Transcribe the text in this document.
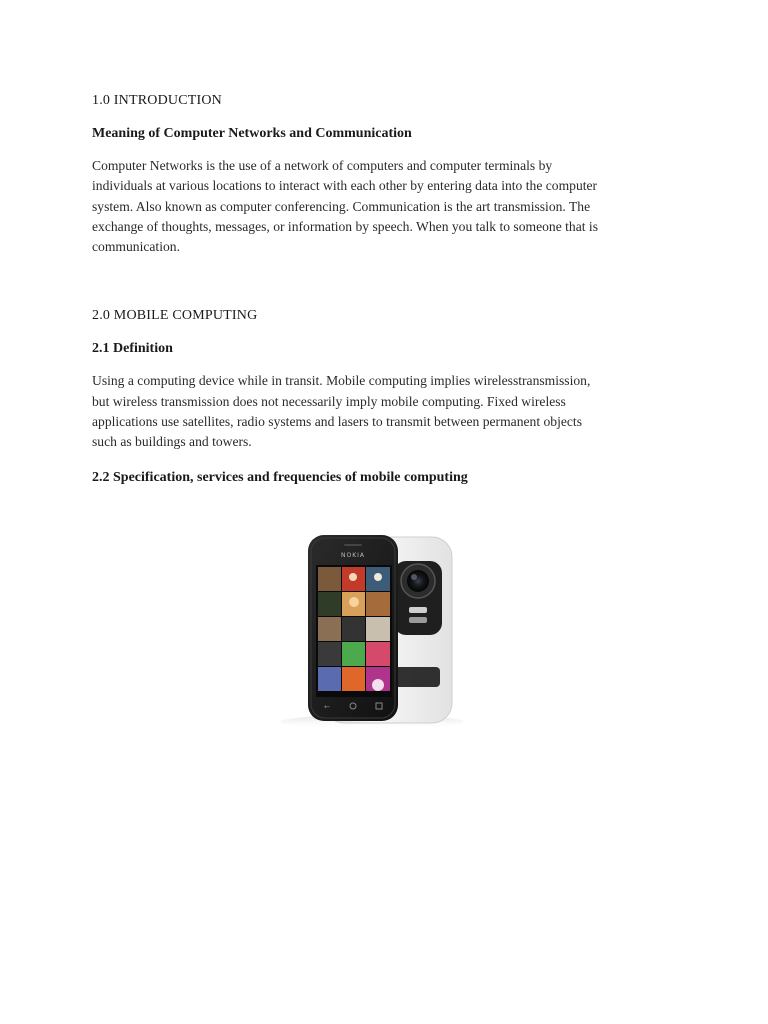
1.0 INTRODUCTION
Meaning of Computer Networks and Communication

Computer Networks is the use of a network of computers and computer terminals by
individuals at various locations to interact with each other by entering data into the computer
system. Also known as computer conferencing. Communication is the art transmission. The
exchange of thoughts, messages, or information by speech. When you talk to someone that is
communication.

2.0 MOBILE COMPUTING
2.1 Definition

Using a computing device while in transit. Mobile computing implies wirelesstransmission,
but wireless transmission does not necessarily imply mobile computing. Fixed wireless
applications use satellites, radio systems and lasers to transmit between permanent objects
such as buildings and towers.

2.2 Specification, services and frequencies of mobile computing
NOKIA
←
